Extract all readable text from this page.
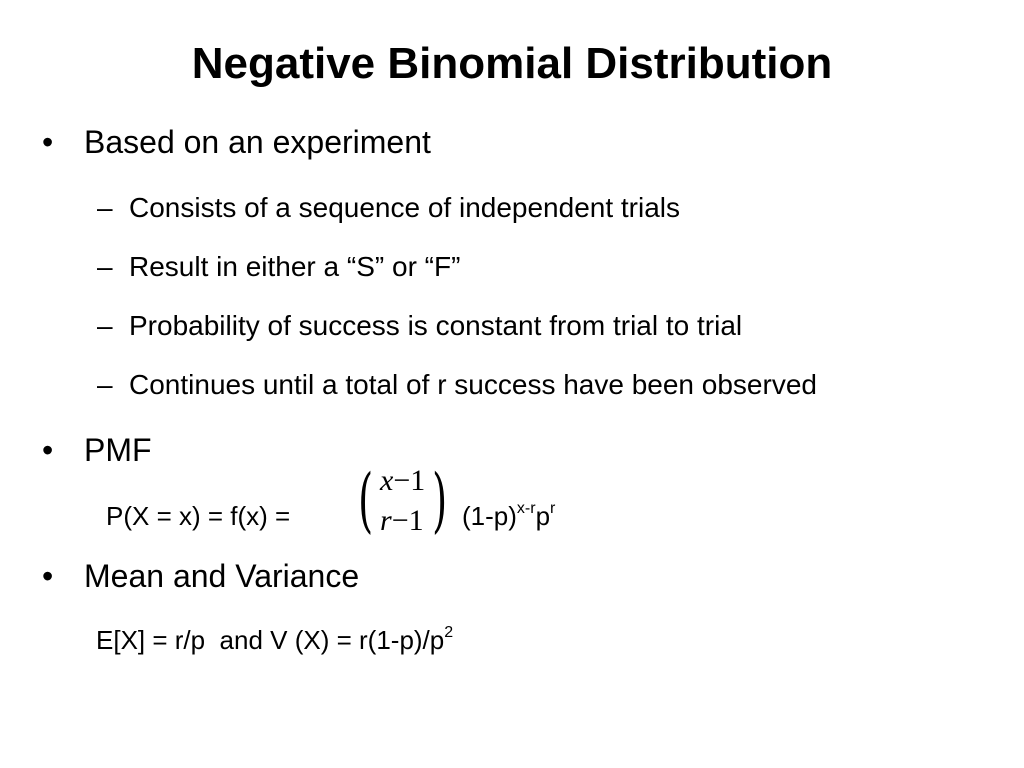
Negative Binomial Distribution
• Based on an experiment
– Consists of a sequence of independent trials
– Result in either a “S” or “F”
– Probability of success is constant from trial to trial
– Continues until a total of r success have been observed
• PMF
P(X = x) = f(x) = ( x−1
r−1 ) $(1-p)^{x-r}p^r$
• Mean and Variance
E[X] = r/p  and V $(X) = r(1-p)/p^2$
